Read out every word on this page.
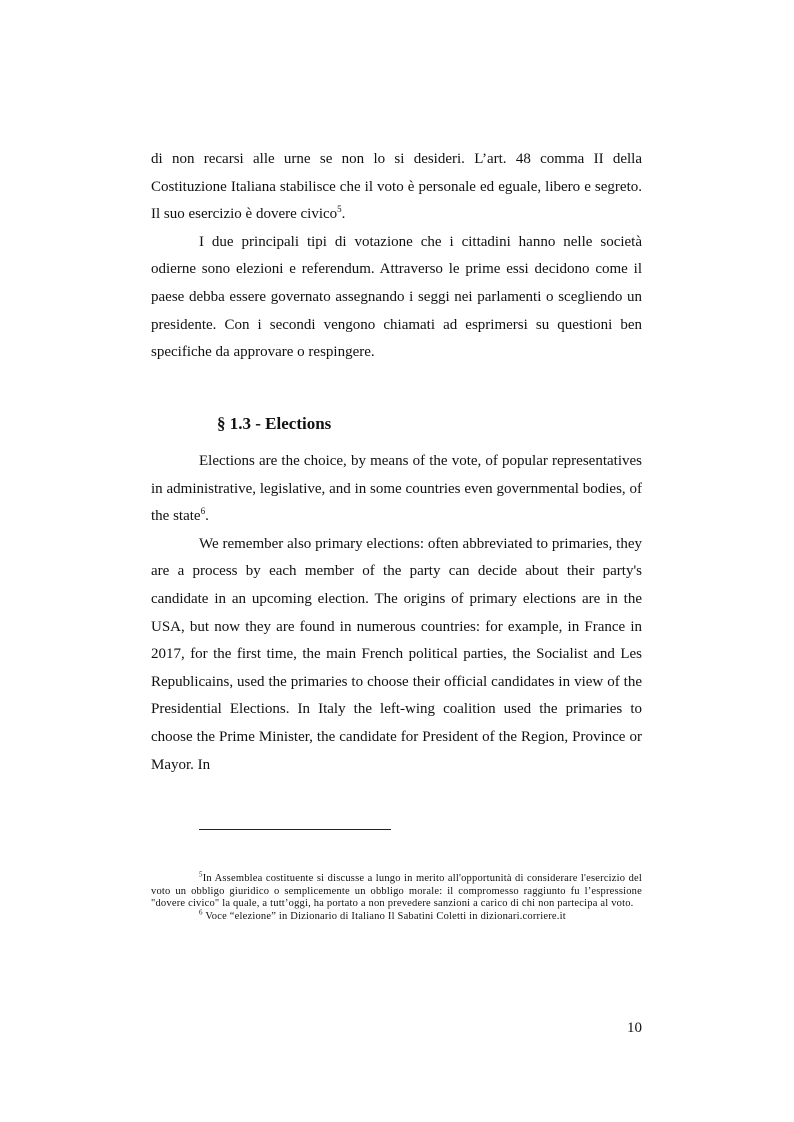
di non recarsi alle urne se non lo si desideri. L’art. 48 comma II della Costituzione Italiana stabilisce che il voto è personale ed eguale, libero e segreto. Il suo esercizio è dovere civico$^5$.

I due principali tipi di votazione che i cittadini hanno nelle società odierne sono elezioni e referendum. Attraverso le prime essi decidono come il paese debba essere governato assegnando i seggi nei parlamenti o scegliendo un presidente. Con i secondi vengono chiamati ad esprimersi su questioni ben specifiche da approvare o respingere.

§ 1.3 - Elections

Elections are the choice, by means of the vote, of popular representatives in administrative, legislative, and in some countries even governmental bodies, of the state$^6$.

We remember also primary elections: often abbreviated to primaries, they are a process by each member of the party can decide about their party's candidate in an upcoming election. The origins of primary elections are in the USA, but now they are found in numerous countries: for example, in France in 2017, for the first time, the main French political parties, the Socialist and Les Republicains, used the primaries to choose their official candidates in view of the Presidential Elections. In Italy the left-wing coalition used the primaries to choose the Prime Minister, the candidate for President of the Region, Province or Mayor. In

$^5$In Assemblea costituente si discusse a lungo in merito all'opportunità di considerare l'esercizio del voto un obbligo giuridico o semplicemente un obbligo morale: il compromesso raggiunto fu l’espressione "dovere civico" la quale, a tutt’oggi, ha portato a non prevedere sanzioni a carico di chi non partecipa al voto.

$^6$ Voce “elezione” in Dizionario di Italiano Il Sabatini Coletti in dizionari.corriere.it

10
